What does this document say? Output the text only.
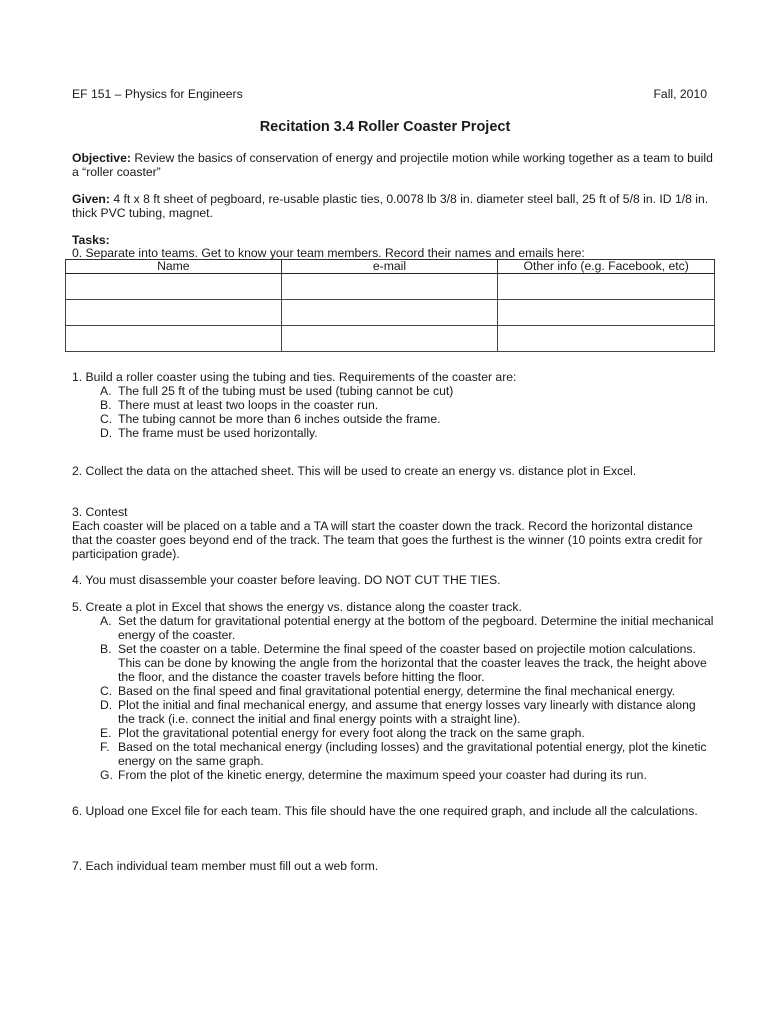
EF 151 – Physics for Engineers	Fall, 2010
Recitation 3.4 Roller Coaster Project
Objective: Review the basics of conservation of energy and projectile motion while working together as a team to build a “roller coaster”
Given: 4 ft x 8 ft sheet of pegboard, re-usable plastic ties, 0.0078 lb 3/8 in. diameter steel ball, 25 ft of 5/8 in. ID 1/8 in. thick PVC tubing, magnet.
Tasks:
0. Separate into teams. Get to know your team members. Record their names and emails here:
Name	e-mail	Other info (e.g. Facebook, etc)

1. Build a roller coaster using the tubing and ties. Requirements of the coaster are:
A. The full 25 ft of the tubing must be used (tubing cannot be cut)
B. There must at least two loops in the coaster run.
C. The tubing cannot be more than 6 inches outside the frame.
D. The frame must be used horizontally.
2. Collect the data on the attached sheet. This will be used to create an energy vs. distance plot in Excel.
3. Contest
Each coaster will be placed on a table and a TA will start the coaster down the track. Record the horizontal distance that the coaster goes beyond end of the track. The team that goes the furthest is the winner (10 points extra credit for participation grade).
4. You must disassemble your coaster before leaving. DO NOT CUT THE TIES.
5. Create a plot in Excel that shows the energy vs. distance along the coaster track.
A. Set the datum for gravitational potential energy at the bottom of the pegboard. Determine the initial mechanical energy of the coaster.
B. Set the coaster on a table. Determine the final speed of the coaster based on projectile motion calculations. This can be done by knowing the angle from the horizontal that the coaster leaves the track, the height above the floor, and the distance the coaster travels before hitting the floor.
C. Based on the final speed and final gravitational potential energy, determine the final mechanical energy.
D. Plot the initial and final mechanical energy, and assume that energy losses vary linearly with distance along the track (i.e. connect the initial and final energy points with a straight line).
E. Plot the gravitational potential energy for every foot along the track on the same graph.
F. Based on the total mechanical energy (including losses) and the gravitational potential energy, plot the kinetic energy on the same graph.
G. From the plot of the kinetic energy, determine the maximum speed your coaster had during its run.
6. Upload one Excel file for each team. This file should have the one required graph, and include all the calculations.
7. Each individual team member must fill out a web form.
